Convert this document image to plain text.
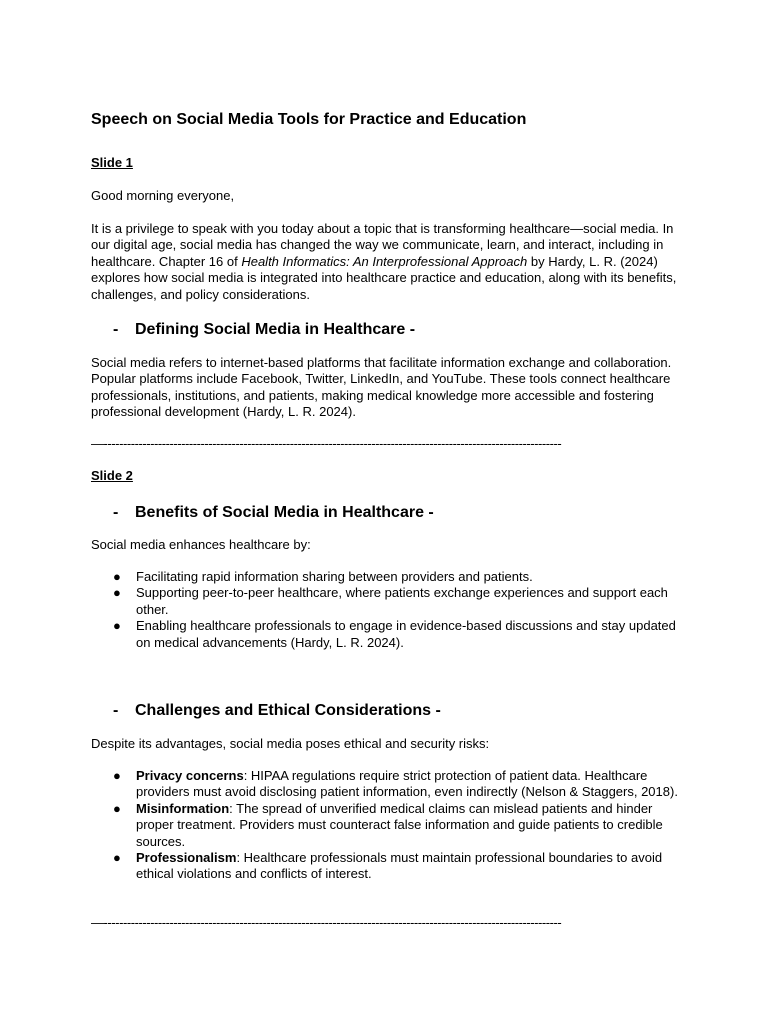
Speech on Social Media Tools for Practice and Education
Slide 1
Good morning everyone,
It is a privilege to speak with you today about a topic that is transforming healthcare—social media. In our digital age, social media has changed the way we communicate, learn, and interact, including in healthcare. Chapter 16 of Health Informatics: An Interprofessional Approach by Hardy, L. R. (2024) explores how social media is integrated into healthcare practice and education, along with its benefits, challenges, and policy considerations.
- Defining Social Media in Healthcare -
Social media refers to internet-based platforms that facilitate information exchange and collaboration. Popular platforms include Facebook, Twitter, LinkedIn, and YouTube. These tools connect healthcare professionals, institutions, and patients, making medical knowledge more accessible and fostering professional development (Hardy, L. R. 2024).
—----------------------------------------------------------------------------------------------------------------------
Slide 2
- Benefits of Social Media in Healthcare -
Social media enhances healthcare by:
● Facilitating rapid information sharing between providers and patients.
● Supporting peer-to-peer healthcare, where patients exchange experiences and support each other.
● Enabling healthcare professionals to engage in evidence-based discussions and stay updated on medical advancements (Hardy, L. R. 2024).
- Challenges and Ethical Considerations -
Despite its advantages, social media poses ethical and security risks:
● Privacy concerns: HIPAA regulations require strict protection of patient data. Healthcare providers must avoid disclosing patient information, even indirectly (Nelson & Staggers, 2018).
● Misinformation: The spread of unverified medical claims can mislead patients and hinder proper treatment. Providers must counteract false information and guide patients to credible sources.
● Professionalism: Healthcare professionals must maintain professional boundaries to avoid ethical violations and conflicts of interest.
—----------------------------------------------------------------------------------------------------------------------
